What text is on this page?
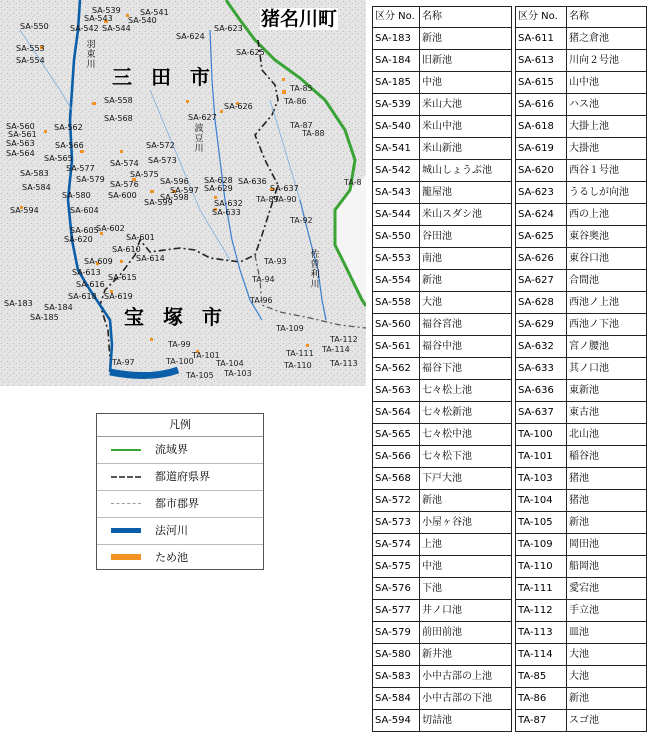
猪名川町
三 田 市
宝 塚 市
羽束川
波豆川
佐曽利川
SA-539
SA-543
SA-541
SA-550	SA-542 SA-544
SA-540
SA-553
SA-554
SA-558
SA-568
SA-560
SA-561
SA-563
SA-564
SA-562
SA-566
SA-565
SA-577
SA-583
SA-584
SA-579
SA-580
SA-594	SA-604
SA-605
SA-620
SA-609
SA-613
SA-616
SA-618 SA-619
SA-183 SA-184
SA-185
SA-610
SA-615
SA-602
SA-601
SA-614
SA-572
SA-573
SA-574
SA-575
SA-576	SA-596
SA-597
SA-598
SA-599
SA-600
SA-627
SA-624
SA-623
SA-625
SA-626
SA-628
SA-629
SA-632
SA-633
SA-636
SA-637
TA-85
TA-86
TA-87
TA-88
TA-89
TA-90
TA-92
TA-93
TA-94
TA-96
TA-97
TA-99
TA-100
TA-101
TA-103
TA-104
TA-105
TA-109
TA-110
TA-111
TA-112
TA-113
TA-114
TA-8
凡例
流域界
都道府県界
都市郡界
法河川
ため池
区分 No.	名称
SA-183	新池
SA-184	旧新池
SA-185	中池
SA-539	米山大池
SA-540	米山中池
SA-541	米山新池
SA-542	城山しょうぶ池
SA-543	籠屋池
SA-544	米山スダシ池
SA-550	谷田池
SA-553	南池
SA-554	新池
SA-558	大池
SA-560	福谷宮池
SA-561	福谷中池
SA-562	福谷下池
SA-563	七々松上池
SA-564	七々松新池
SA-565	七々松中池
SA-566	七々松下池
SA-568	下戸大池
SA-572	新池
SA-573	小屋ヶ谷池
SA-574	上池
SA-575	中池
SA-576	下池
SA-577	井ノ口池
SA-579	前田前池
SA-580	新井池
SA-583	小中古部の上池
SA-584	小中古部の下池
SA-594	切詰池
区分 No.	名称
SA-611	猪之倉池
SA-613	川向２号池
SA-615	山中池
SA-616	ハス池
SA-618	大掛上池
SA-619	大掛池
SA-620	西谷１号池
SA-623	うるしが向池
SA-624	西の上池
SA-625	東谷奥池
SA-626	東谷口池
SA-627	合間池
SA-628	西池ノ上池
SA-629	西池ノ下池
SA-632	宮ノ腰池
SA-633	其ノ口池
SA-636	東新池
SA-637	東古池
TA-100	北山池
TA-101	稲谷池
TA-103	猪池
TA-104	猪池
TA-105	新池
TA-109	岡田池
TA-110	船岡池
TA-111	愛宕池
TA-112	手立池
TA-113	皿池
TA-114	大池
TA-85	大池
TA-86	新池
TA-87	スゴ池
